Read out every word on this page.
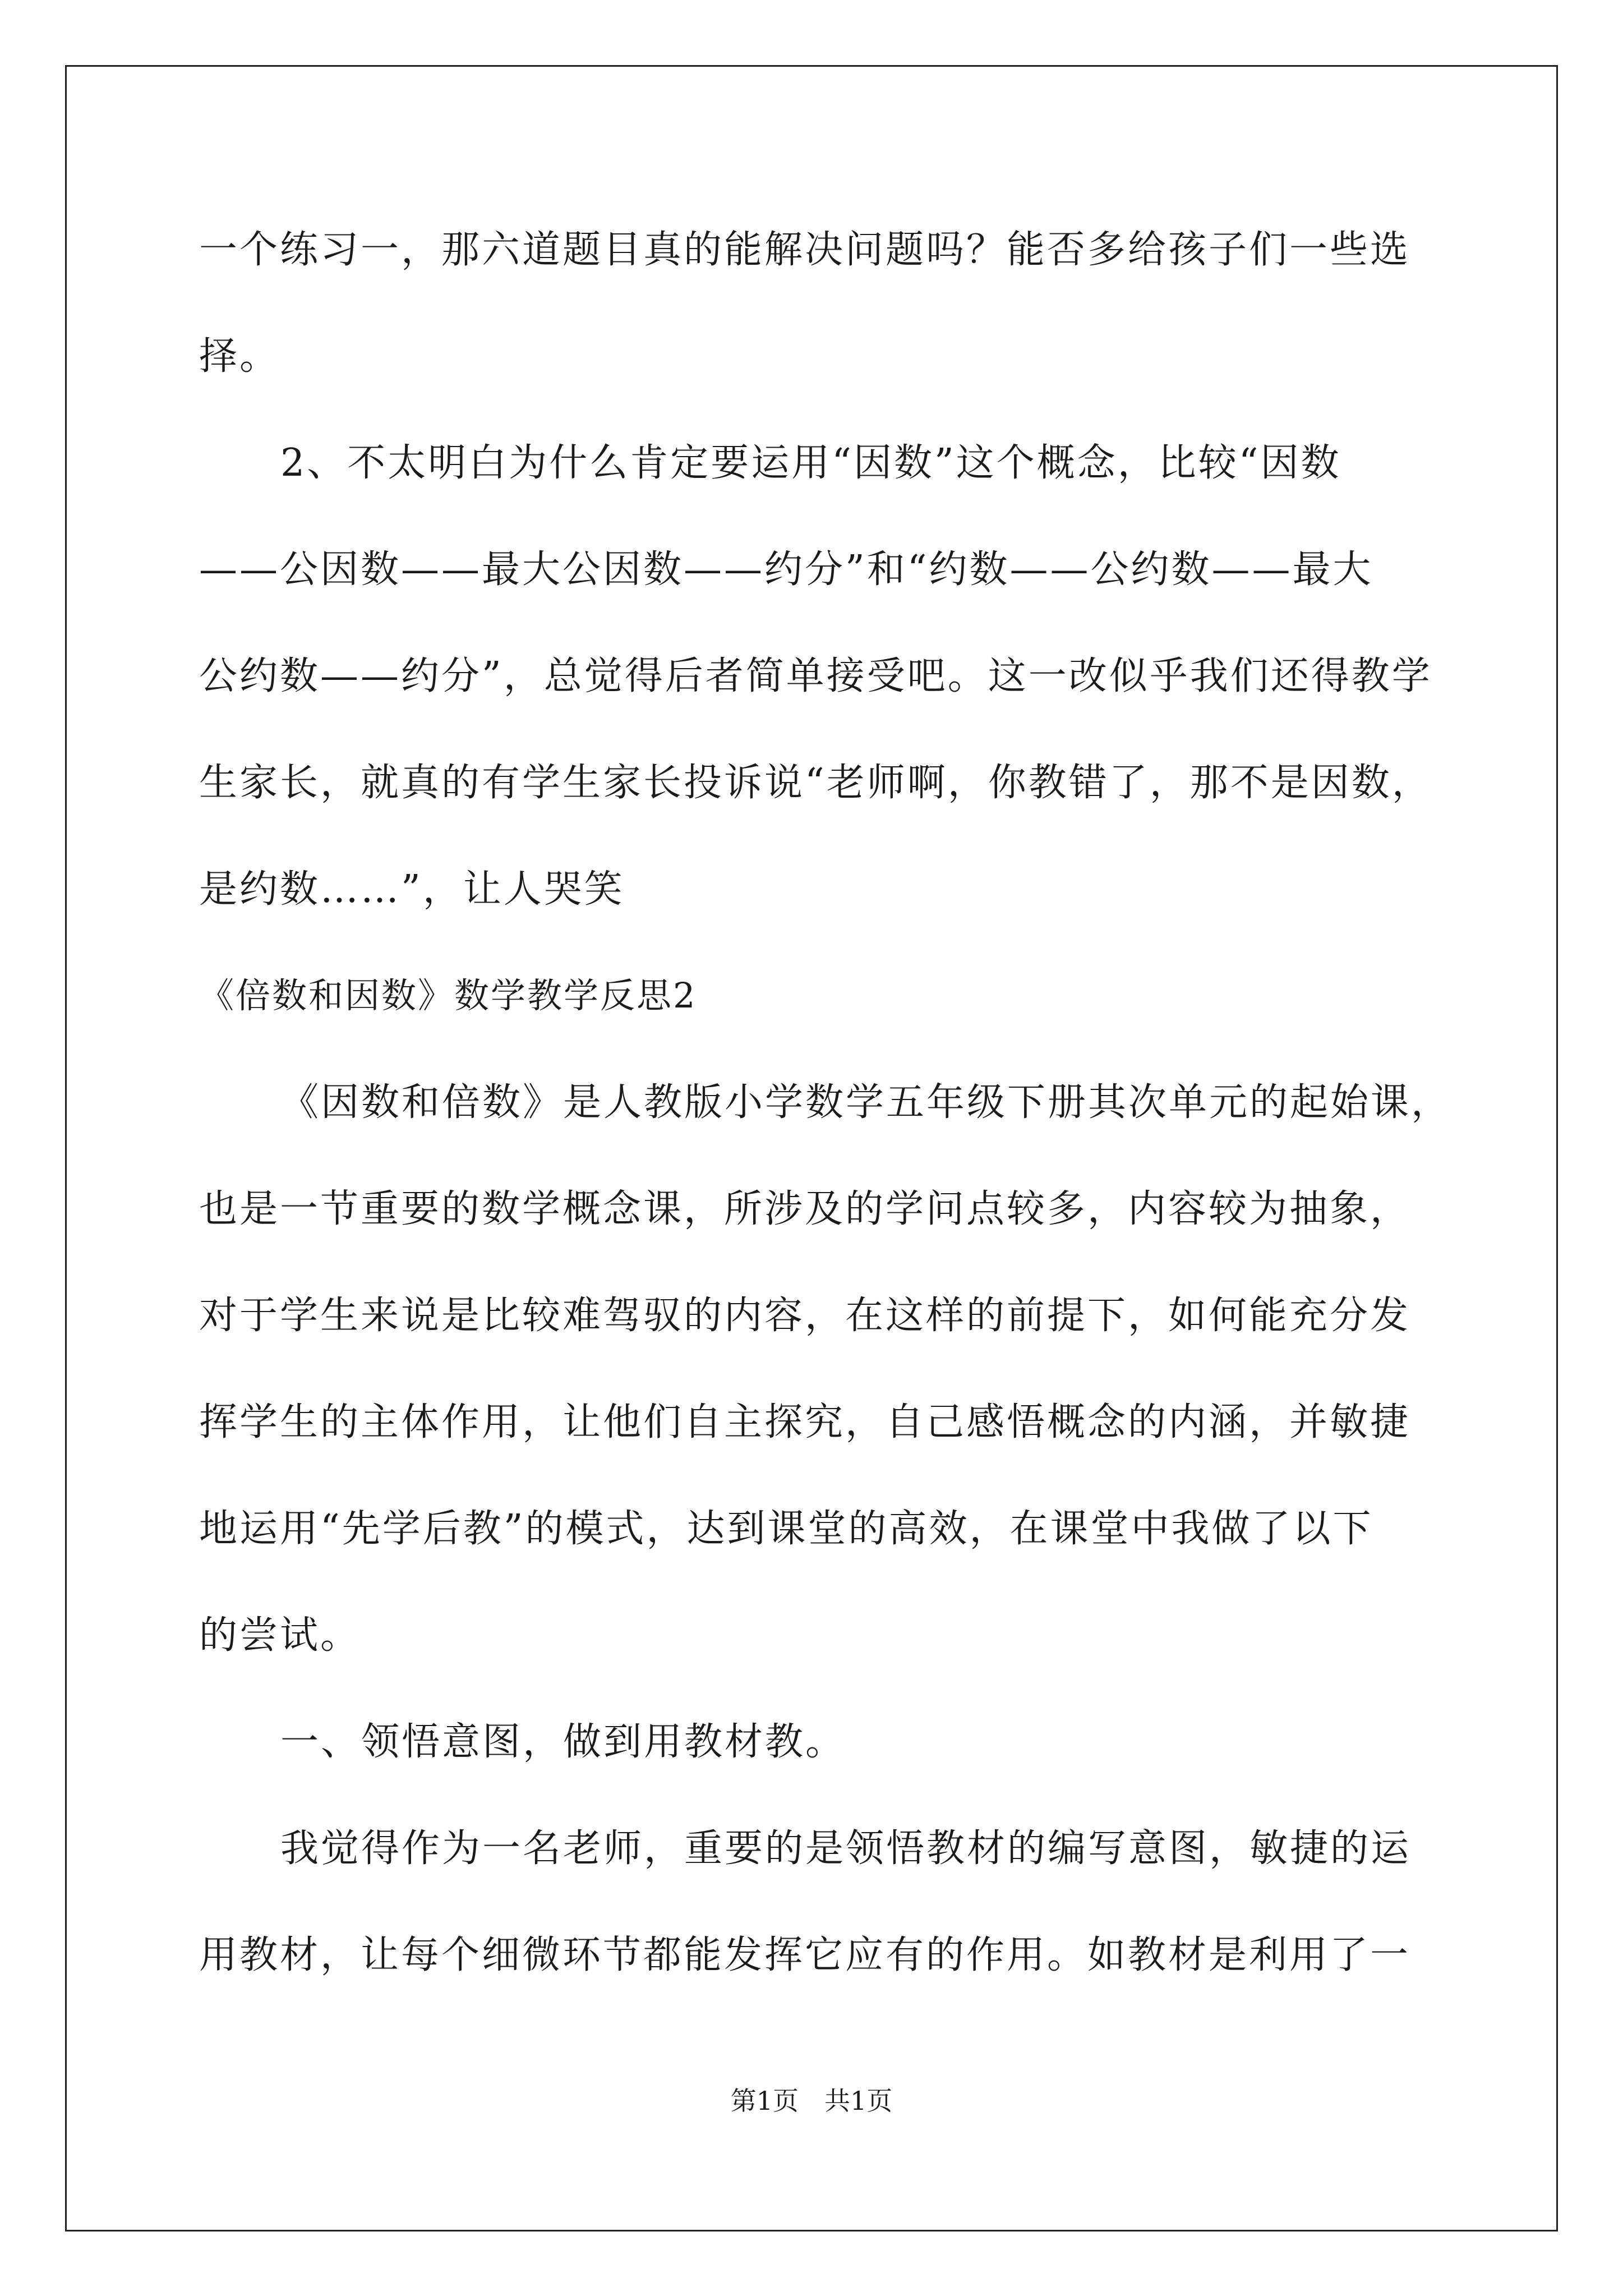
一个练习一，那六道题目真的能解决问题吗？能否多给孩子们一些选
择。
2、不太明白为什么肯定要运用“因数”这个概念，比较“因数
——公因数——最大公因数——约分”和“约数——公约数——最大
公约数——约分”，总觉得后者简单接受吧。这一改似乎我们还得教学
生家长，就真的有学生家长投诉说“老师啊，你教错了，那不是因数，
是约数……”，让人哭笑
《倍数和因数》数学教学反思2
《因数和倍数》是人教版小学数学五年级下册其次单元的起始课，
也是一节重要的数学概念课，所涉及的学问点较多，内容较为抽象，
对于学生来说是比较难驾驭的内容，在这样的前提下，如何能充分发
挥学生的主体作用，让他们自主探究，自己感悟概念的内涵，并敏捷
地运用“先学后教”的模式，达到课堂的高效，在课堂中我做了以下
的尝试。
一、领悟意图，做到用教材教。
我觉得作为一名老师，重要的是领悟教材的编写意图，敏捷的运
用教材，让每个细微环节都能发挥它应有的作用。如教材是利用了一
第1页　共1页
